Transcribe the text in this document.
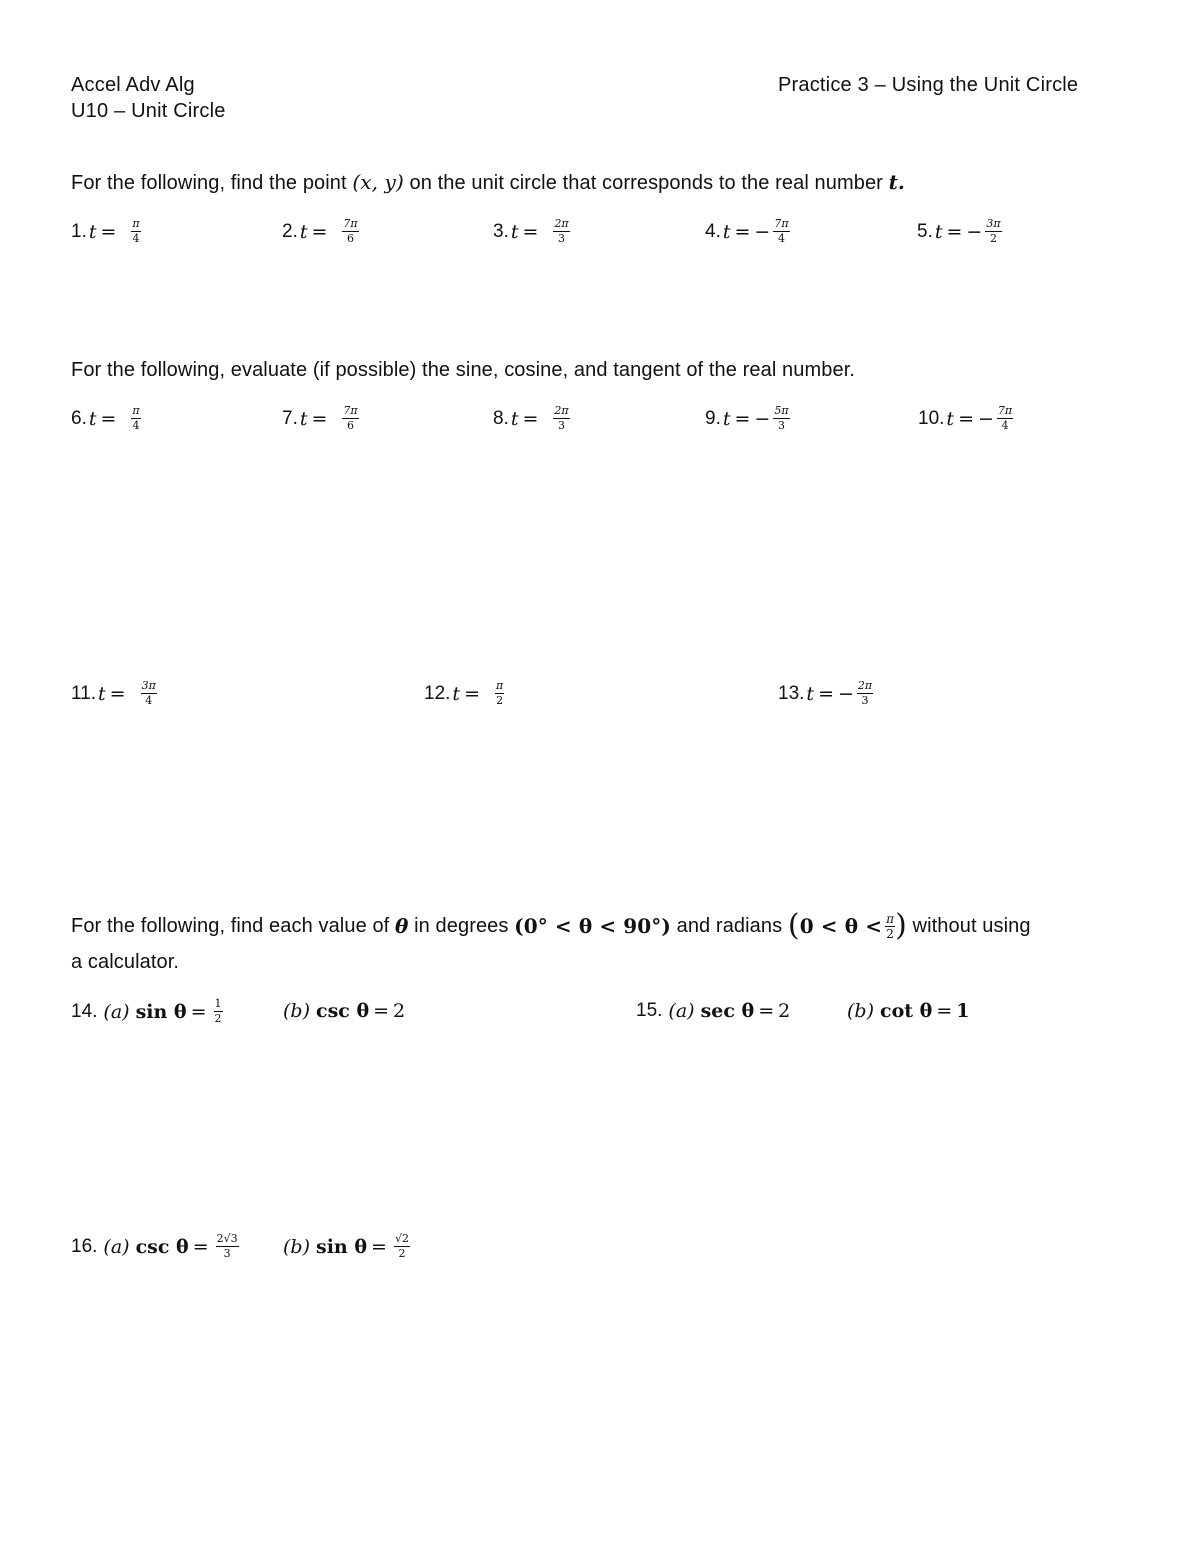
Accel Adv Alg
U10 – Unit Circle
Practice 3 – Using the Unit Circle
For the following, find the point (x, y) on the unit circle that corresponds to the real number t.
1. $t = \frac{\pi}{4}$	2. $t = \frac{7\pi}{6}$	3. $t = \frac{2\pi}{3}$	4. t = − $\frac{7\pi}{4}$	5. t = − $\frac{3\pi}{2}$
For the following, evaluate (if possible) the sine, cosine, and tangent of the real number.
6. $t = \frac{\pi}{4}$	7. $t = \frac{7\pi}{6}$	8. $t = \frac{2\pi}{3}$	9. t = − $\frac{5\pi}{3}$	10. t = − $\frac{7\pi}{4}$
11. $t = \frac{3\pi}{4}$	12. $t = \frac{\pi}{2}$	13. t = − $\frac{2\pi}{3}$
For the following, find each value of θ in degrees (0° < θ < 90°) and radians ( $0 < \theta < \frac{\pi}{2}$ ) without using
a calculator.
14. (a) $\sin \theta = \frac{1}{2}$	(b) csc θ = 2	15. (a) sec θ = 2	(b) cot θ = 1
16. (a) $\csc \theta = \frac{2√3}{3} (b)$ $\sin \theta = \frac{√2}{2}$
